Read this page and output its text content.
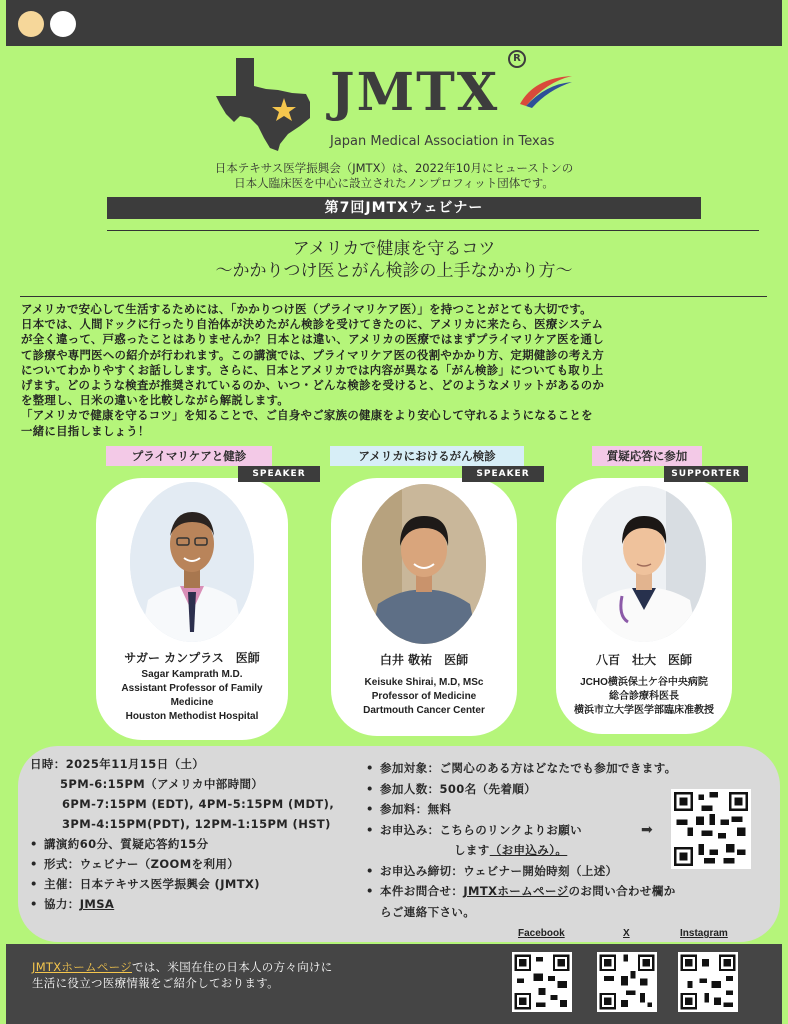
JMTX
R
Japan Medical Association in Texas
日本テキサス医学振興会（JMTX）は、2022年10月にヒューストンの
日本人臨床医を中心に設立されたノンプロフィット団体です。
第7回JMTXウェビナー
アメリカで健康を守るコツ
〜かかりつけ医とがん検診の上手なかかり方〜
アメリカで安心して生活するためには、「かかりつけ医（プライマリケア医）」を持つことがとても大切です。
日本では、人間ドックに行ったり自治体が決めたがん検診を受けてきたのに、アメリカに来たら、医療システム
が全く違って、戸惑ったことはありませんか？日本とは違い、アメリカの医療ではまずプライマリケア医を通し
て診療や専門医への紹介が行われます。この講演では、プライマリケア医の役割やかかり方、定期健診の考え方
についてわかりやすくお話しします。さらに、日本とアメリカでは内容が異なる「がん検診」についても取り上
げます。どのような検査が推奨されているのか、いつ・どんな検診を受けると、どのようなメリットがあるのか
を整理し、日米の違いを比較しながら解説します。
「アメリカで健康を守るコツ」を知ることで、ご自身やご家族の健康をより安心して守れるようになることを
一緒に目指しましょう！
プライマリケアと健診	アメリカにおけるがん検診	質疑応答に参加
SPEAKER	SPEAKER	SUPPORTER
サガー カンプラス　医師
Sagar Kamprath M.D.
Assistant Professor of Family
Medicine
Houston Methodist Hospital
白井 敬祐　医師
Keisuke Shirai, M.D, MSc
Professor of Medicine
Dartmouth Cancer Center
八百　壮大　医師
JCHO横浜保土ケ谷中央病院
総合診療科医長
横浜市立大学医学部臨床准教授
日時：2025年11月15日（土）
5PM-6:15PM（アメリカ中部時間）
6PM-7:15PM (EDT), 4PM-5:15PM (MDT),
3PM-4:15PM(PDT), 12PM-1:15PM (HST)
• 講演約60分、質疑応答約15分
• 形式：ウェビナー（ZOOMを利用）
• 主催：日本テキサス医学振興会 (JMTX)
• 協力： JMSA
• 参加対象：ご関心のある方はどなたでも参加できます。
• 参加人数：500名（先着順）
• 参加料：無料
• お申込み：こちらのリンクよりお願い
します（お申込み）。
• お申込み締切：ウェビナー開始時刻（上述）
• 本件お問合せ：JMTXホームページのお問い合わせ欄か
らご連絡下さい。
➡
Facebook	X	Instagram
JMTXホームページでは、米国在住の日本人の方々向けに
生活に役立つ医療情報をご紹介しております。
